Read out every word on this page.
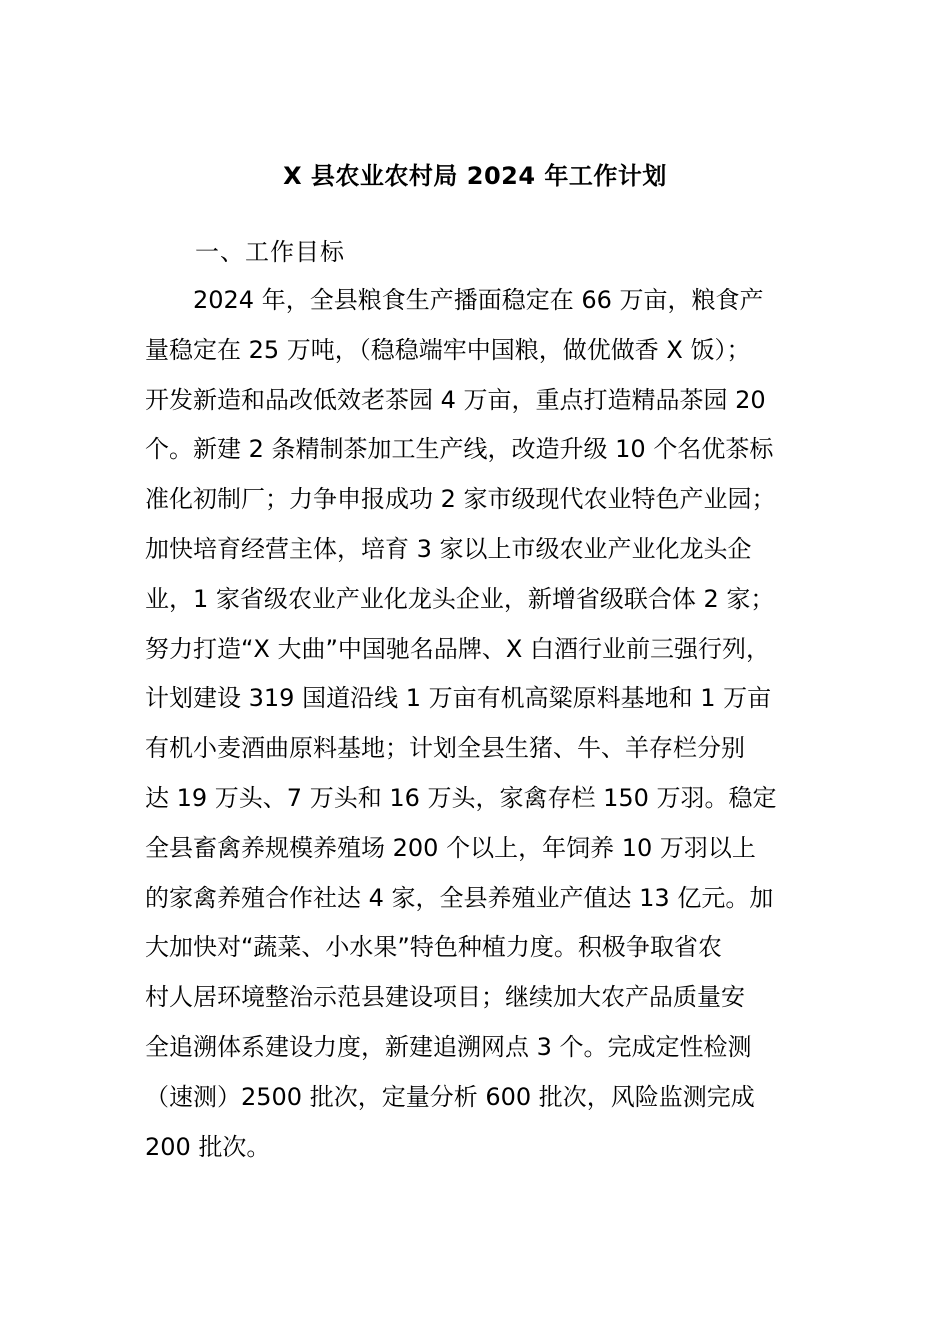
X 县农业农村局 2024 年工作计划
一、工作目标
　　2024 年，全县粮食生产播面稳定在 66 万亩，粮食产
量稳定在 25 万吨，（稳稳端牢中国粮，做优做香 X 饭）；
开发新造和品改低效老茶园 4 万亩，重点打造精品茶园 20
个。新建 2 条精制茶加工生产线，改造升级 10 个名优茶标
准化初制厂；力争申报成功 2 家市级现代农业特色产业园；
加快培育经营主体，培育 3 家以上市级农业产业化龙头企
业，1 家省级农业产业化龙头企业，新增省级联合体 2 家；
努力打造“X 大曲”中国驰名品牌、X 白酒行业前三强行列，
计划建设 319 国道沿线 1 万亩有机高粱原料基地和 1 万亩
有机小麦酒曲原料基地；计划全县生猪、牛、羊存栏分别
达 19 万头、7 万头和 16 万头，家禽存栏 150 万羽。稳定
全县畜禽养规模养殖场 200 个以上，年饲养 10 万羽以上
的家禽养殖合作社达 4 家，全县养殖业产值达 13 亿元。加
大加快对“蔬菜、小水果”特色种植力度。积极争取省农
村人居环境整治示范县建设项目；继续加大农产品质量安
全追溯体系建设力度，新建追溯网点 3 个。完成定性检测
（速测）2500 批次，定量分析 600 批次，风险监测完成
200 批次。
